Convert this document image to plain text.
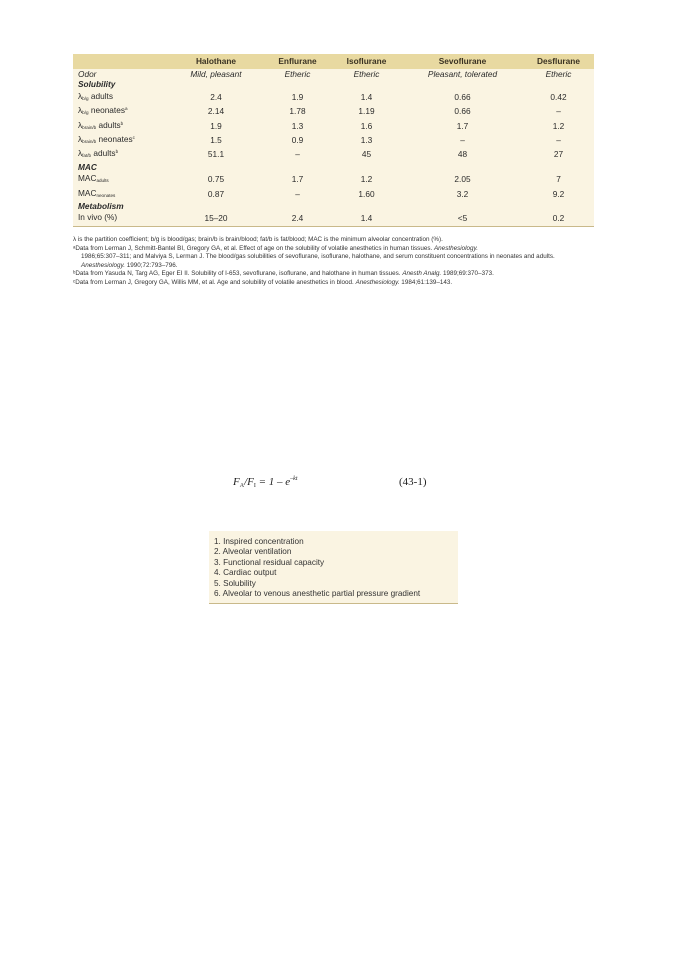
	Halothane	Enflurane	Isoflurane	Sevoflurane	Desflurane
Odor	Mild, pleasant	Etheric	Etheric	Pleasant, tolerated	Etheric
Solubility					
$\lambda_{b/g}$ adults	2.4	1.9	1.4	0.66	0.42
$\lambda_{b/g}$ neonates$^a$	2.14	1.78	1.19	0.66	–
$\lambda_{brain/b}$ adults$^b$	1.9	1.3	1.6	1.7	1.2
$\lambda_{brain/b}$ neonates$^c$	1.5	0.9	1.3	–	–
$\lambda_{fat/b}$ adults$^b$	51.1	–	45	48	27
MAC					
$MAC_{adults}$	0.75	1.7	1.2	2.05	7
$MAC_{neonates}$	0.87	–	1.60	3.2	9.2
Metabolism					
In vivo (%)	15–20	2.4	1.4	<5	0.2

λ is the partition coefficient; b/g is blood/gas; brain/b is brain/blood; fat/b is fat/blood; MAC is the minimum alveolar concentration (%).

ᵃData from Lerman J, Schmitt-Bantel BI, Gregory GA, et al. Effect of age on the solubility of volatile anesthetics in human tissues. Anesthesiology.

1986;65:307–311; and Malviya S, Lerman J. The blood/gas solubilities of sevoflurane, isoflurane, halothane, and serum constituent concentrations in neonates and adults. Anesthesiology. 1990;72:793–796.

ᵇData from Yasuda N, Targ AG, Eger EI II. Solubility of I-653, sevoflurane, isoflurane, and halothane in human tissues. Anesth Analg. 1989;69:370–373.

ᶜData from Lerman J, Gregory GA, Willis MM, et al. Age and solubility of volatile anesthetics in blood. Anesthesiology. 1984;61:139–143.

$FA/FI = 1 - e^{-kt}$	(43-1)
1. Inspired concentration
2. Alveolar ventilation
3. Functional residual capacity
4. Cardiac output
5. Solubility
6. Alveolar to venous anesthetic partial pressure gradient
